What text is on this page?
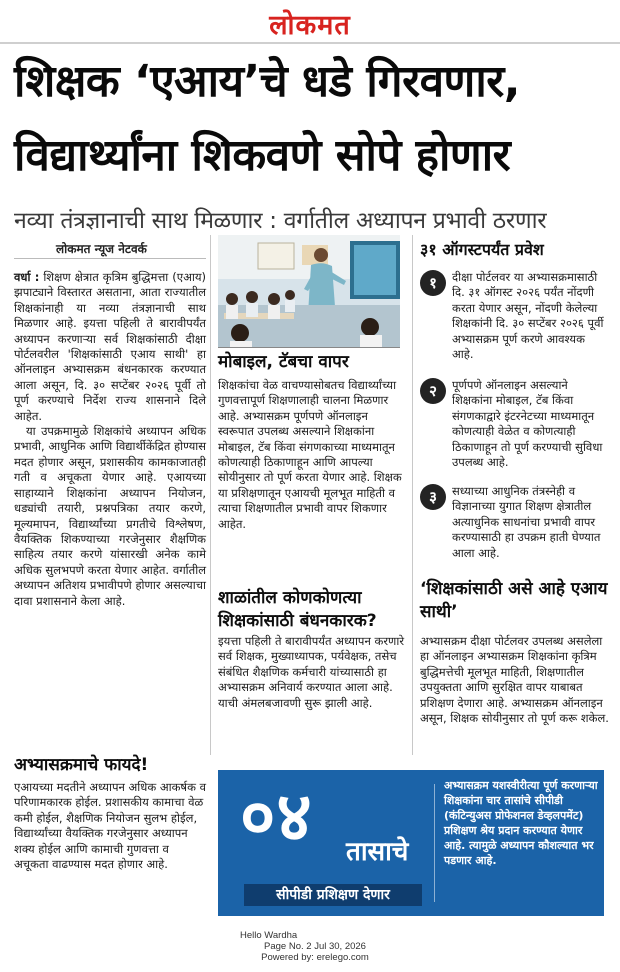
लोकमत
शिक्षक ‘एआय’चे धडे गिरवणार,
विद्यार्थ्यांना शिकवणे सोपे होणार
नव्या तंत्रज्ञानाची साथ मिळणार : वर्गातील अध्यापन प्रभावी ठरणार
लोकमत न्यूज नेटवर्क

वर्धा : शिक्षण क्षेत्रात कृत्रिम बुद्धिमत्ता (एआय) झपाट्याने विस्तारत असताना, आता राज्यातील शिक्षकांनाही या नव्या तंत्रज्ञानाची साथ मिळणार आहे. इयत्ता पहिली ते बारावीपर्यंत अध्यापन करणाऱ्या सर्व शिक्षकांसाठी दीक्षा पोर्टलवरील 'शिक्षकांसाठी एआय साथी' हा ऑनलाइन अभ्यासक्रम बंधनकारक करण्यात आला असून, दि. ३० सप्टेंबर २०२६ पूर्वी तो पूर्ण करण्याचे निर्देश राज्य शासनाने दिले आहेत.

या उपक्रमामुळे शिक्षकांचे अध्यापन अधिक प्रभावी, आधुनिक आणि विद्यार्थीकेंद्रित होण्यास मदत होणार असून, प्रशासकीय कामकाजातही गती व अचूकता येणार आहे. एआयच्या साहाय्याने शिक्षकांना अध्यापन नियोजन, धड्यांची तयारी, प्रश्नपत्रिका तयार करणे, मूल्यमापन, विद्यार्थ्यांच्या प्रगतीचे विश्लेषण, वैयक्तिक शिकण्याच्या गरजेनुसार शैक्षणिक साहित्य तयार करणे यांसारखी अनेक कामे अधिक सुलभपणे करता येणार आहेत. वर्गातील अध्यापन अतिशय प्रभावीपणे होणार असल्याचा दावा प्रशासनाने केला आहे.

मोबाइल, टॅबचा वापर
शिक्षकांचा वेळ वाचण्यासोबतच विद्यार्थ्यांच्या गुणवत्तापूर्ण शिक्षणालाही चालना मिळणार आहे. अभ्यासक्रम पूर्णपणे ऑनलाइन स्वरूपात उपलब्ध असल्याने शिक्षकांना मोबाइल, टॅब किंवा संगणकाच्या माध्यमातून कोणत्याही ठिकाणाहून आणि आपल्या सोयीनुसार तो पूर्ण करता येणार आहे. शिक्षक या प्रशिक्षणातून एआयची मूलभूत माहिती व त्याचा शिक्षणातील प्रभावी वापर शिकणार आहेत.
शाळांतील कोणकोणत्या शिक्षकांसाठी बंधनकारक?
इयत्ता पहिली ते बारावीपर्यंत अध्यापन करणारे सर्व शिक्षक, मुख्याध्यापक, पर्यवेक्षक, तसेच संबंधित शैक्षणिक कर्मचारी यांच्यासाठी हा अभ्यासक्रम अनिवार्य करण्यात आला आहे. याची अंमलबजावणी सुरू झाली आहे.
३१ ऑगस्टपर्यंत प्रवेश
१	दीक्षा पोर्टलवर या अभ्यासक्रमासाठी दि. ३१ ऑगस्ट २०२६ पर्यंत नोंदणी करता येणार असून, नोंदणी केलेल्या शिक्षकांनी दि. ३० सप्टेंबर २०२६ पूर्वी अभ्यासक्रम पूर्ण करणे आवश्यक आहे.
२	पूर्णपणे ऑनलाइन असल्याने शिक्षकांना मोबाइल, टॅब किंवा संगणकाद्वारे इंटरनेटच्या माध्यमातून कोणत्याही वेळेत व कोणत्याही ठिकाणाहून तो पूर्ण करण्याची सुविधा उपलब्ध आहे.
३	सध्याच्या आधुनिक तंत्रस्नेही व विज्ञानाच्या युगात शिक्षण क्षेत्रातील अत्याधुनिक साधनांचा प्रभावी वापर करण्यासाठी हा उपक्रम हाती घेण्यात आला आहे.
‘शिक्षकांसाठी असे आहे एआय साथी’
अभ्यासक्रम दीक्षा पोर्टलवर उपलब्ध असलेला हा ऑनलाइन अभ्यासक्रम शिक्षकांना कृत्रिम बुद्धिमत्तेची मूलभूत माहिती, शिक्षणातील उपयुक्तता आणि सुरक्षित वापर याबाबत प्रशिक्षण देणारा आहे. अभ्यासक्रम ऑनलाइन असून, शिक्षक सोयीनुसार तो पूर्ण करू शकेल.
अभ्यासक्रमाचे फायदे!
एआयच्या मदतीने अध्यापन अधिक आकर्षक व परिणामकारक होईल. प्रशासकीय कामाचा वेळ कमी होईल, शैक्षणिक नियोजन सुलभ होईल, विद्यार्थ्यांच्या वैयक्तिक गरजेनुसार अध्यापन शक्य होईल आणि कामाची गुणवत्ता व अचूकता वाढण्यास मदत होणार आहे.
०४ तासाचे
सीपीडी प्रशिक्षण देणार
अभ्यासक्रम यशस्वीरीत्या पूर्ण करणाऱ्या शिक्षकांना चार तासांचे सीपीडी (कंटिन्युअस प्रोफेशनल डेव्हलपमेंट) प्रशिक्षण श्रेय प्रदान करण्यात येणार आहे. त्यामुळे अध्यापन कौशल्यात भर पडणार आहे.
Hello Wardha
Page No. 2 Jul 30, 2026
Powered by: erelego.com
